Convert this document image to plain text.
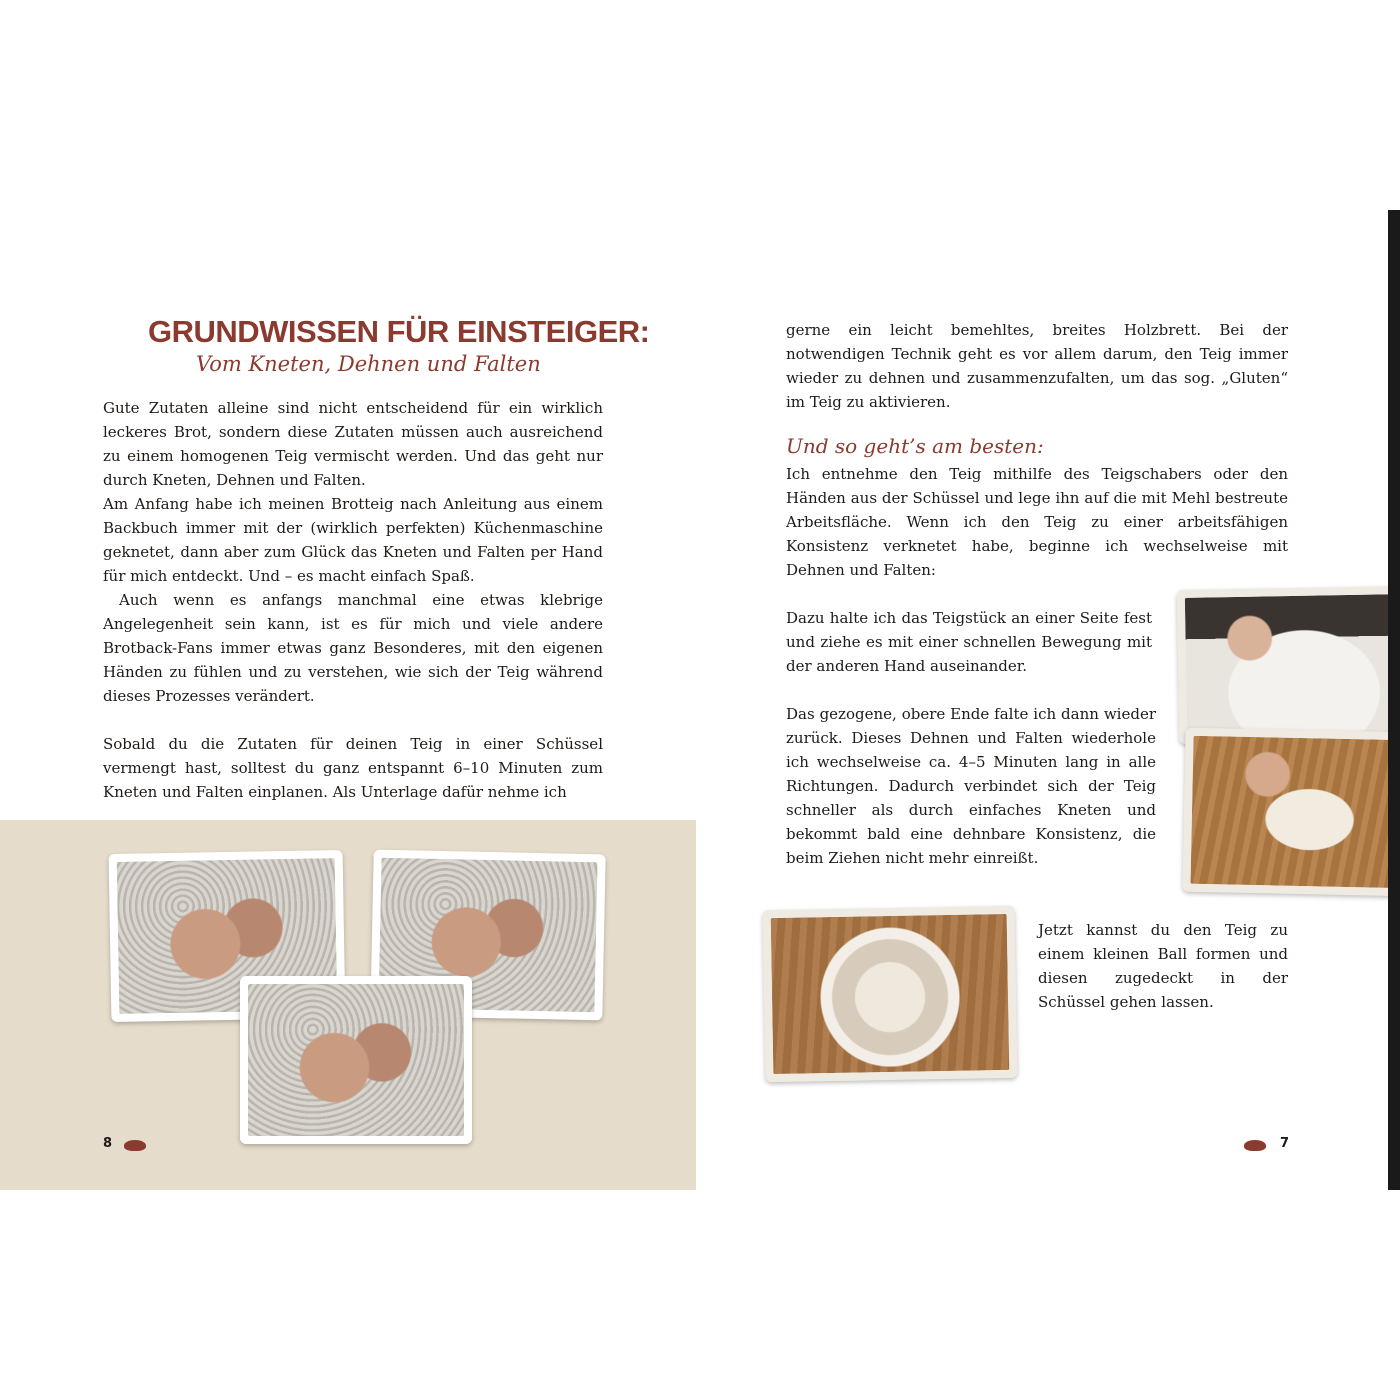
GRUNDWISSEN FÜR EINSTEIGER:
Vom Kneten, Dehnen und Falten

Gute Zutaten alleine sind nicht entscheidend für ein wirklich leckeres Brot, sondern diese Zutaten müssen auch ausreichend zu einem homogenen Teig vermischt werden. Und das geht nur durch Kneten, Dehnen und Falten.

Am Anfang habe ich meinen Brotteig nach Anleitung aus einem Backbuch immer mit der (wirklich perfekten) Küchenmaschine geknetet, dann aber zum Glück das Kneten und Falten per Hand für mich entdeckt. Und – es macht einfach Spaß.

Auch wenn es anfangs manchmal eine etwas klebrige Angelegenheit sein kann, ist es für mich und viele andere Brotback-Fans immer etwas ganz Besonderes, mit den eigenen Händen zu fühlen und zu verstehen, wie sich der Teig während dieses Prozesses verändert.

Sobald du die Zutaten für deinen Teig in einer Schüssel vermengt hast, solltest du ganz entspannt 6–10 Minuten zum Kneten und Falten einplanen. Als Unterlage dafür nehme ich

8

gerne ein leicht bemehltes, breites Holzbrett. Bei der notwendigen Technik geht es vor allem darum, den Teig immer wieder zu dehnen und zusammenzufalten, um das sog. „Gluten“ im Teig zu aktivieren.

Und so geht’s am besten:

Ich entnehme den Teig mithilfe des Teigschabers oder den Händen aus der Schüssel und lege ihn auf die mit Mehl bestreute Arbeitsfläche. Wenn ich den Teig zu einer arbeitsfähigen Konsistenz verknetet habe, beginne ich wechselweise mit Dehnen und Falten:

Dazu halte ich das Teigstück an einer Seite fest und ziehe es mit einer schnellen Bewegung mit der anderen Hand auseinander.

Das gezogene, obere Ende falte ich dann wieder zurück. Dieses Dehnen und Falten wiederhole ich wechselweise ca. 4–5 Minuten lang in alle Richtungen. Dadurch verbindet sich der Teig schneller als durch einfaches Kneten und bekommt bald eine dehnbare Konsistenz, die beim Ziehen nicht mehr einreißt.

Jetzt kannst du den Teig zu einem kleinen Ball formen und diesen zugedeckt in der Schüssel gehen lassen.

7
